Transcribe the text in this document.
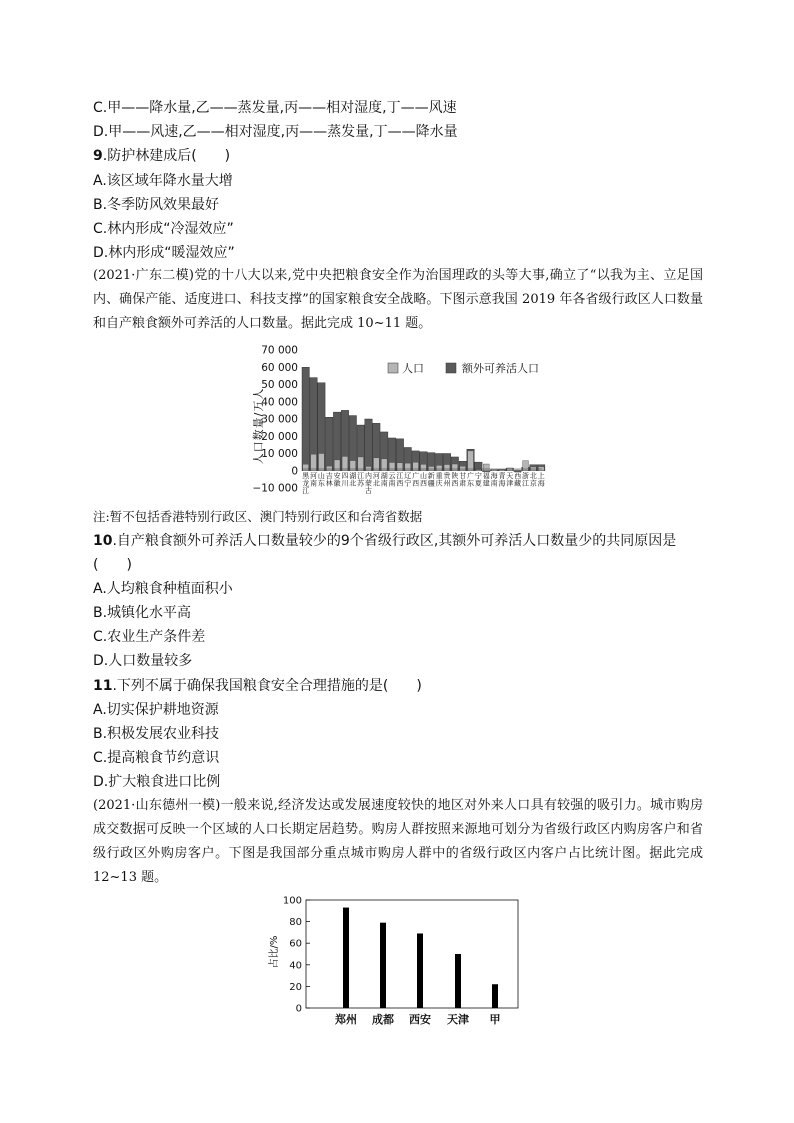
C.甲——降水量,乙——蒸发量,丙——相对湿度,丁——风速
D.甲——风速,乙——相对湿度,丙——蒸发量,丁——降水量
9.防护林建成后(　　)
A.该区域年降水量大增
B.冬季防风效果最好
C.林内形成“冷湿效应”
D.林内形成“暖湿效应”
(2021·广东二模)党的十八大以来,党中央把粮食安全作为治国理政的头等大事,确立了“以我为主、立足国内、确保产能、适度进口、科技支撑”的国家粮食安全战略。下图示意我国 2019 年各省级行政区人口数量和自产粮食额外可养活的人口数量。据此完成 10~11 题。
70 000
60 000
50 000
40 000
30 000
20 000
10 000
0
−10 000
人口数量/万人
黑
龙
江
河
南
山
东
吉
林
安
徽
四
川
湖
北
江
苏
内
蒙
古
河
北
湖
南
云
南
江
西
辽
宁
广
西
山
西
新
疆
重
庆
贵
州
陕
西
甘
肃
广
东
宁
夏
福
建
海
南
青
海
天
津
西
藏
浙
江
北
京
上
海
人口	额外可养活人口
注:暂不包括香港特别行政区、澳门特别行政区和台湾省数据
10.自产粮食额外可养活人口数量较少的9个省级行政区,其额外可养活人口数量少的共同原因是
(　　)
A.人均粮食种植面积小
B.城镇化水平高
C.农业生产条件差
D.人口数量较多
11.下列不属于确保我国粮食安全合理措施的是(　　)
A.切实保护耕地资源
B.积极发展农业科技
C.提高粮食节约意识
D.扩大粮食进口比例
(2021·山东德州一模)一般来说,经济发达或发展速度较快的地区对外来人口具有较强的吸引力。城市购房成交数据可反映一个区域的人口长期定居趋势。购房人群按照来源地可划分为省级行政区内购房客户和省级行政区外购房客户。下图是我国部分重点城市购房人群中的省级行政区内客户占比统计图。据此完成 12~13 题。
占比/%
0
20
40
60
80
100
郑州 成都 西安 天津 甲
